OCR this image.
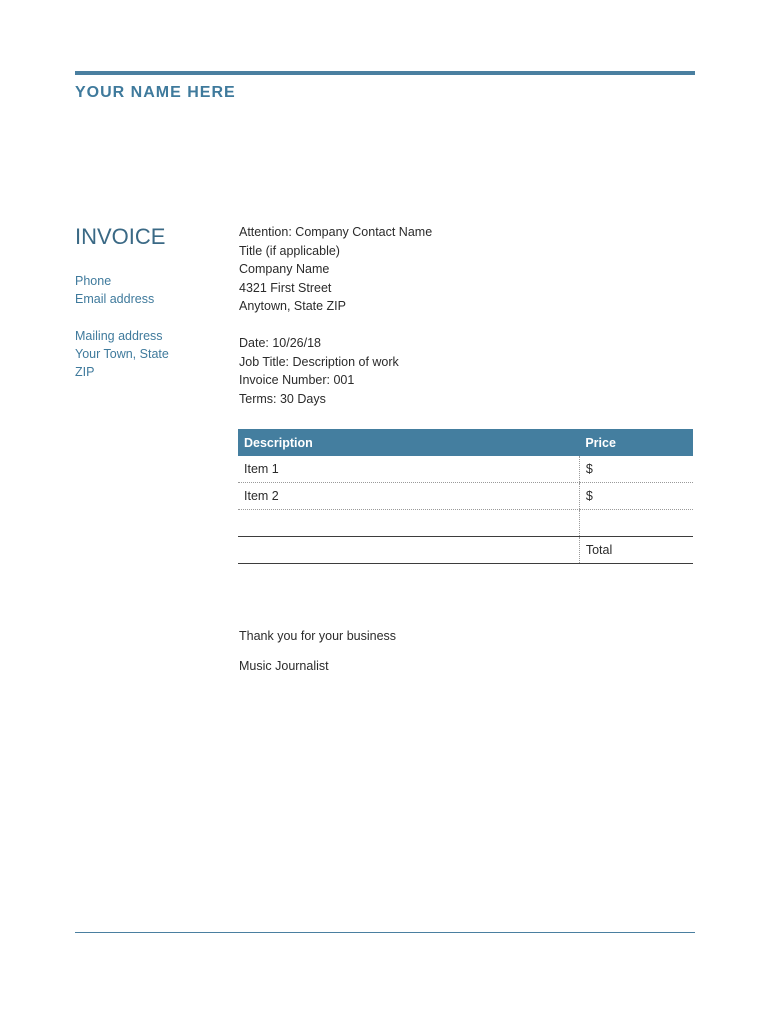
YOUR NAME HERE
INVOICE
Phone
Email address
Mailing address
Your Town, State
ZIP
Attention: Company Contact Name
Title (if applicable)
Company Name
4321 First Street
Anytown, State ZIP
Date: 10/26/18
Job Title: Description of work
Invoice Number: 001
Terms: 30 Days
Description	Price
Item 1	$
Item 2	$

	Total
Thank you for your business
Music Journalist
